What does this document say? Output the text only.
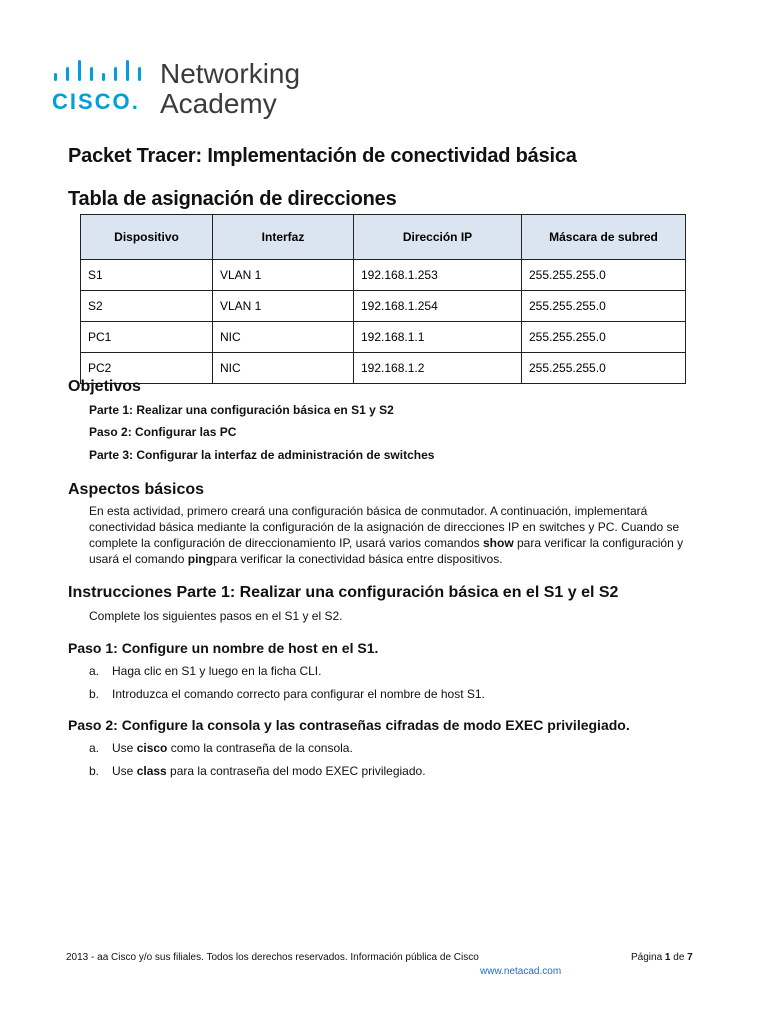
CISCO.
Networking
Academy
Packet Tracer: Implementación de conectividad básica
Tabla de asignación de direcciones
Dispositivo	Interfaz	Dirección IP	Máscara de subred
S1	VLAN 1	192.168.1.253	255.255.255.0
S2	VLAN 1	192.168.1.254	255.255.255.0
PC1	NIC	192.168.1.1	255.255.255.0
PC2	NIC	192.168.1.2	255.255.255.0
Objetivos

Parte 1: Realizar una configuración básica en S1 y S2

Paso 2: Configurar las PC

Parte 3: Configurar la interfaz de administración de switches

Aspectos básicos

En esta actividad, primero creará una configuración básica de conmutador. A continuación, implementará conectividad básica mediante la configuración de la asignación de direcciones IP en switches y PC. Cuando se complete la configuración de direccionamiento IP, usará varios comandos show para verificar la configuración y usará el comando pingpara verificar la conectividad básica entre dispositivos.

Instrucciones Parte 1: Realizar una configuración básica en el S1 y el S2

Complete los siguientes pasos en el S1 y el S2.

Paso 1: Configure un nombre de host en el S1.

a. Haga clic en S1 y luego en la ficha CLI.

b. Introduzca el comando correcto para configurar el nombre de host S1.

Paso 2: Configure la consola y las contraseñas cifradas de modo EXEC privilegiado.

a. Use cisco como la contraseña de la consola.

b. Use class para la contraseña del modo EXEC privilegiado.

2013 - aa Cisco y/o sus filiales. Todos los derechos reservados. Información pública de Cisco	Página 1 de 7
www.netacad.com
